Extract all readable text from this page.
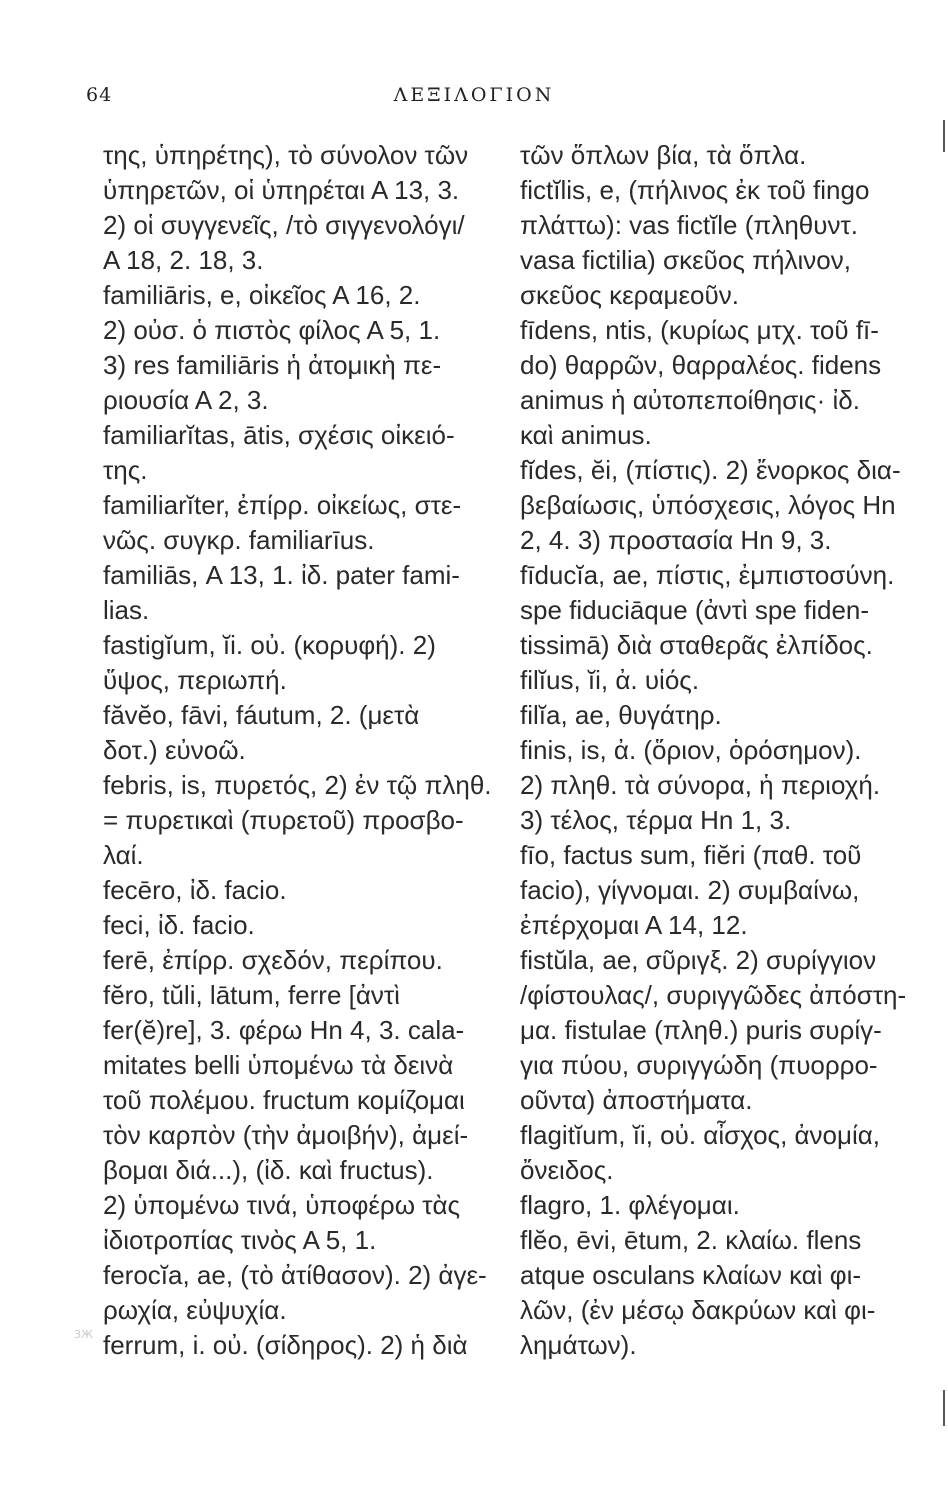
64	ΛΕΞΙΛΟΓΙΟΝ
της, ὑπηρέτης), τὸ σύνολον τῶν
ὑπηρετῶν, οἱ ὑπηρέται Α 13, 3.
2) οἱ συγγενεῖς, /τὸ σιγγενολόγι/
Α 18, 2. 18, 3.
familiāris, e, οἰκεῖος Α 16, 2.
2) οὐσ. ὁ πιστὸς φίλος Α 5, 1.
3) res familiāris ἡ ἀτομικὴ πε-
ριουσία Α 2, 3.
familiarĭtas, ātis, σχέσις οἰκειό-
της.
familiarĭter, ἐπίρρ. οἰκείως, στε-
νῶς. συγκρ. familiarīus.
familiās, Α 13, 1. ἰδ. pater fami-
lias.
fastigĭum, ĭi. οὐ. (κορυφή). 2)
ὕψος, περιωπή.
făvĕo, fāvi, fáutum, 2. (μετὰ
δοτ.) εὐνοῶ.
febris, is, πυρετός, 2) ἐν τῷ πληθ.
= πυρετικαὶ (πυρετοῦ) προσβο-
λαί.
fecēro, ἰδ. facio.
feci, ἰδ. facio.
ferē, ἐπίρρ. σχεδόν, περίπου.
fĕro, tŭli, lātum, ferre [ἀντὶ
fer(ĕ)re], 3. φέρω Ηn 4, 3. cala-
mitates belli ὑπομένω τὰ δεινὰ
τοῦ πολέμου. fructum κομίζομαι
τὸν καρπὸν (τὴν ἀμοιβήν), ἀμεί-
βομαι διά...), (ἰδ. καὶ fructus).
2) ὑπομένω τινά, ὑποφέρω τὰς
ἰδιοτροπίας τινὸς Α 5, 1.
ferocĭa, ae, (τὸ ἀτίθασον). 2) ἀγε-
ρωχία, εὐψυχία.
ferrum, i. οὐ. (σίδηρος). 2) ἡ διὰ
τῶν ὅπλων βία, τὰ ὅπλα.
fictĭlis, e, (πήλινος ἐκ τοῦ fingo
πλάττω): vas fictĭle (πληθυντ.
vasa fictilia) σκεῦος πήλινον,
σκεῦος κεραμεοῦν.
fīdens, ntis, (κυρίως μτχ. τοῦ fī-
do) θαρρῶν, θαρραλέος. fidens
animus ἡ αὐτοπεποίθησις· ἰδ.
καὶ animus.
fĭdes, ĕi, (πίστις). 2) ἔνορκος δια-
βεβαίωσις, ὑπόσχεσις, λόγος Ηn
2, 4. 3) προστασία Ηn 9, 3.
fīducĭa, ae, πίστις, ἐμπιστοσύνη.
spe fiduciāque (ἀντὶ spe fiden-
tissimā) διὰ σταθερᾶς ἐλπίδος.
filĭus, ĭi, ἀ. υἱός.
filĭa, ae, θυγάτηρ.
finis, is, ἀ. (ὅριον, ὁρόσημον).
2) πληθ. τὰ σύνορα, ἡ περιοχή.
3) τέλος, τέρμα Ηn 1, 3.
fīo, factus sum, fiĕri (παθ. τοῦ
facio), γίγνομαι. 2) συμβαίνω,
ἐπέρχομαι Α 14, 12.
fistŭla, ae, σῦριγξ. 2) συρίγγιον
/φίστουλας/, συριγγῶδες ἀπόστη-
μα. fistulae (πληθ.) puris συρίγ-
για πύου, συριγγώδη (πυορρο-
οῦντα) ἀποστήματα.
flagitĭum, ĭi, οὐ. αἶσχος, ἀνομία,
ὄνειδος.
flagro, 1. φλέγομαι.
flĕo, ēvi, ētum, 2. κλαίω. flens
atque osculans κλαίων καὶ φι-
λῶν, (ἐν μέσῳ δακρύων καὶ φι-
λημάτων).
ЗЖ
